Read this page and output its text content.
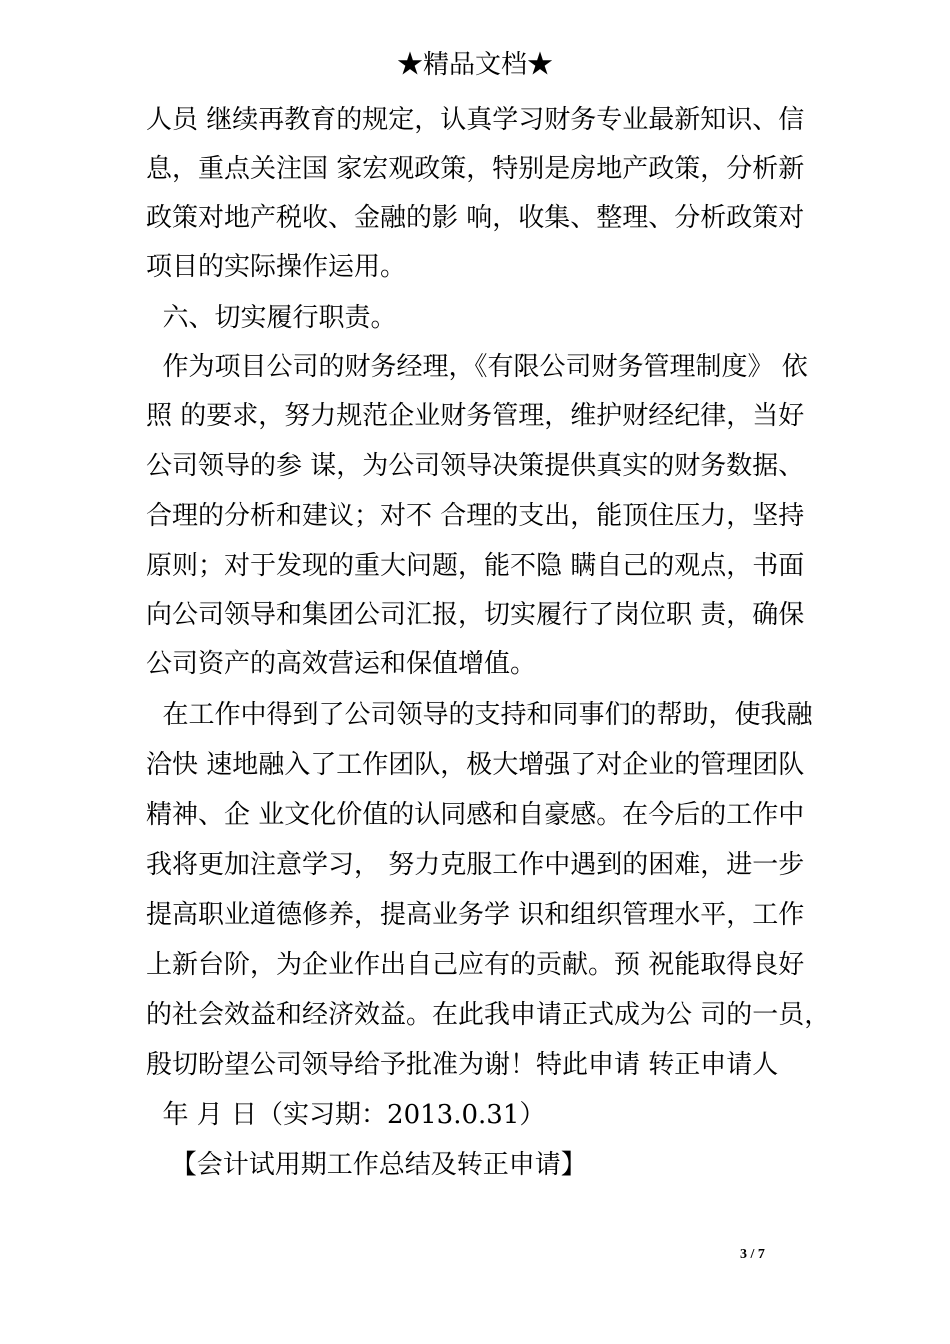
★精品文档★
人员 继续再教育的规定，认真学习财务专业最新知识、信
息，重点关注国 家宏观政策，特别是房地产政策，分析新
政策对地产税收、金融的影 响，收集、整理、分析政策对
项目的实际操作运用。
六、切实履行职责。
作为项目公司的财务经理，《有限公司财务管理制度》 依
照 的要求，努力规范企业财务管理，维护财经纪律，当好
公司领导的参 谋，为公司领导决策提供真实的财务数据、
合理的分析和建议；对不 合理的支出，能顶住压力，坚持
原则；对于发现的重大问题，能不隐 瞒自己的观点，书面
向公司领导和集团公司汇报，切实履行了岗位职 责，确保
公司资产的高效营运和保值增值。
在工作中得到了公司领导的支持和同事们的帮助，使我融
洽快 速地融入了工作团队，极大增强了对企业的管理团队
精神、企 业文化价值的认同感和自豪感。在今后的工作中
我将更加注意学习， 努力克服工作中遇到的困难，进一步
提高职业道德修养，提高业务学 识和组织管理水平，工作
上新台阶，为企业作出自己应有的贡献。预 祝能取得良好
的社会效益和经济效益。在此我申请正式成为公 司的一员，
殷切盼望公司领导给予批准为谢！特此申请 转正申请人
年 月 日（实习期：2013.0.31）
【会计试用期工作总结及转正申请】
3 / 7
